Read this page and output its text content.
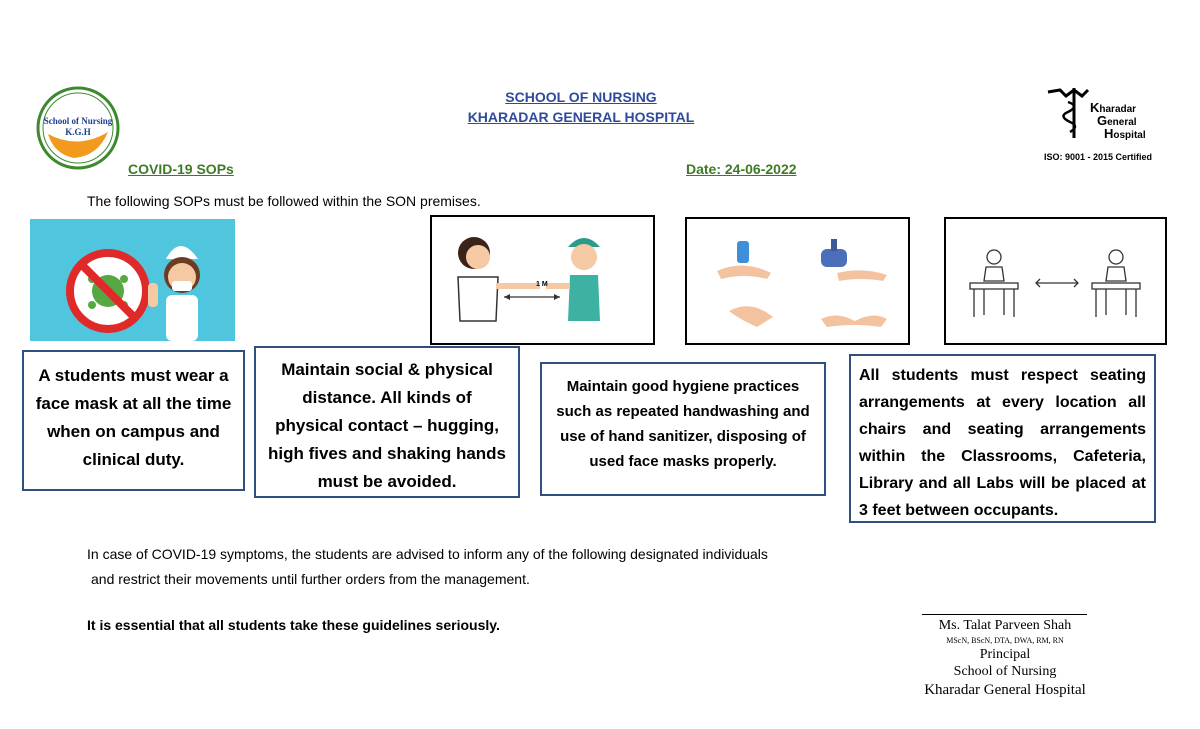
School of Nursing
K.G.H
SCHOOL OF NURSING
KHARADAR GENERAL HOSPITAL
Kharadar
General
Hospital
ISO: 9001 - 2015 Certified
COVID-19 SOPs	Date: 24-06-2022
The following SOPs must be followed within the SON premises.
1 M
A students must wear a face mask at all the time when on campus and clinical duty.
Maintain social & physical distance. All kinds of physical contact – hugging, high fives and shaking hands must be avoided.
Maintain good hygiene practices such as repeated handwashing and use of hand sanitizer, disposing of used face masks properly.
All students must respect seating arrangements at every location all chairs and seating arrangements within the Classrooms, Cafeteria, Library and all Labs will be placed at 3 feet between occupants.
In case of COVID-19 symptoms, the students are advised to inform any of the following designated individuals
and restrict their movements until further orders from the management.
It is essential that all students take these guidelines seriously.	Ms. Talat Parveen Shah
MScN, BScN, DTA, DWA, RM, RN
Principal
School of Nursing
Kharadar General Hospital
